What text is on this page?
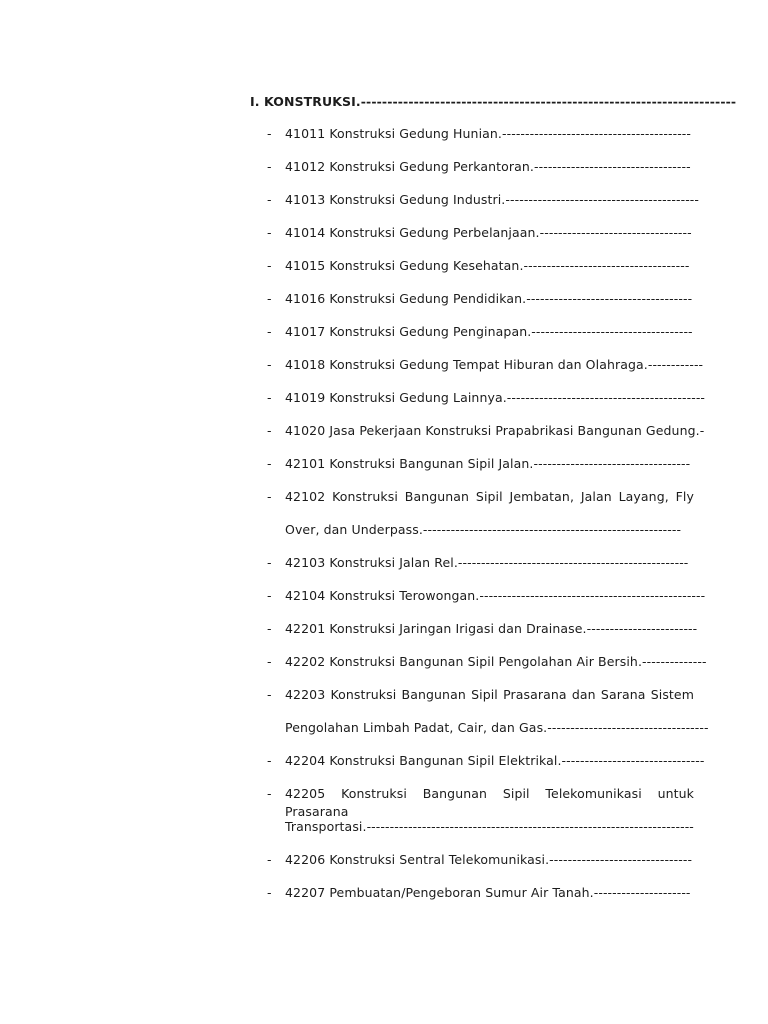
I. KONSTRUKSI.-----------------------------------------------------------------------
- 41011 Konstruksi Gedung Hunian.-----------------------------------------
- 41012 Konstruksi Gedung Perkantoran.----------------------------------
- 41013 Konstruksi Gedung Industri.------------------------------------------
- 41014 Konstruksi Gedung Perbelanjaan.---------------------------------
- 41015 Konstruksi Gedung Kesehatan.------------------------------------
- 41016 Konstruksi Gedung Pendidikan.------------------------------------
- 41017 Konstruksi Gedung Penginapan.-----------------------------------
- 41018 Konstruksi Gedung Tempat Hiburan dan Olahraga.------------
- 41019 Konstruksi Gedung Lainnya.-------------------------------------------
- 41020 Jasa Pekerjaan Konstruksi Prapabrikasi Bangunan Gedung.-
- 42101 Konstruksi Bangunan Sipil Jalan.----------------------------------
- 42102 Konstruksi Bangunan Sipil Jembatan, Jalan Layang, Fly
Over, dan Underpass.--------------------------------------------------------
- 42103 Konstruksi Jalan Rel.--------------------------------------------------
- 42104 Konstruksi Terowongan.-------------------------------------------------
- 42201 Konstruksi Jaringan Irigasi dan Drainase.------------------------
- 42202 Konstruksi Bangunan Sipil Pengolahan Air Bersih.--------------
- 42203 Konstruksi Bangunan Sipil Prasarana dan Sarana Sistem
Pengolahan Limbah Padat, Cair, dan Gas.-----------------------------------
- 42204 Konstruksi Bangunan Sipil Elektrikal.-------------------------------
- 42205 Konstruksi Bangunan Sipil Telekomunikasi untuk Prasarana
Transportasi.-----------------------------------------------------------------------
- 42206 Konstruksi Sentral Telekomunikasi.-------------------------------
- 42207 Pembuatan/Pengeboran Sumur Air Tanah.---------------------
